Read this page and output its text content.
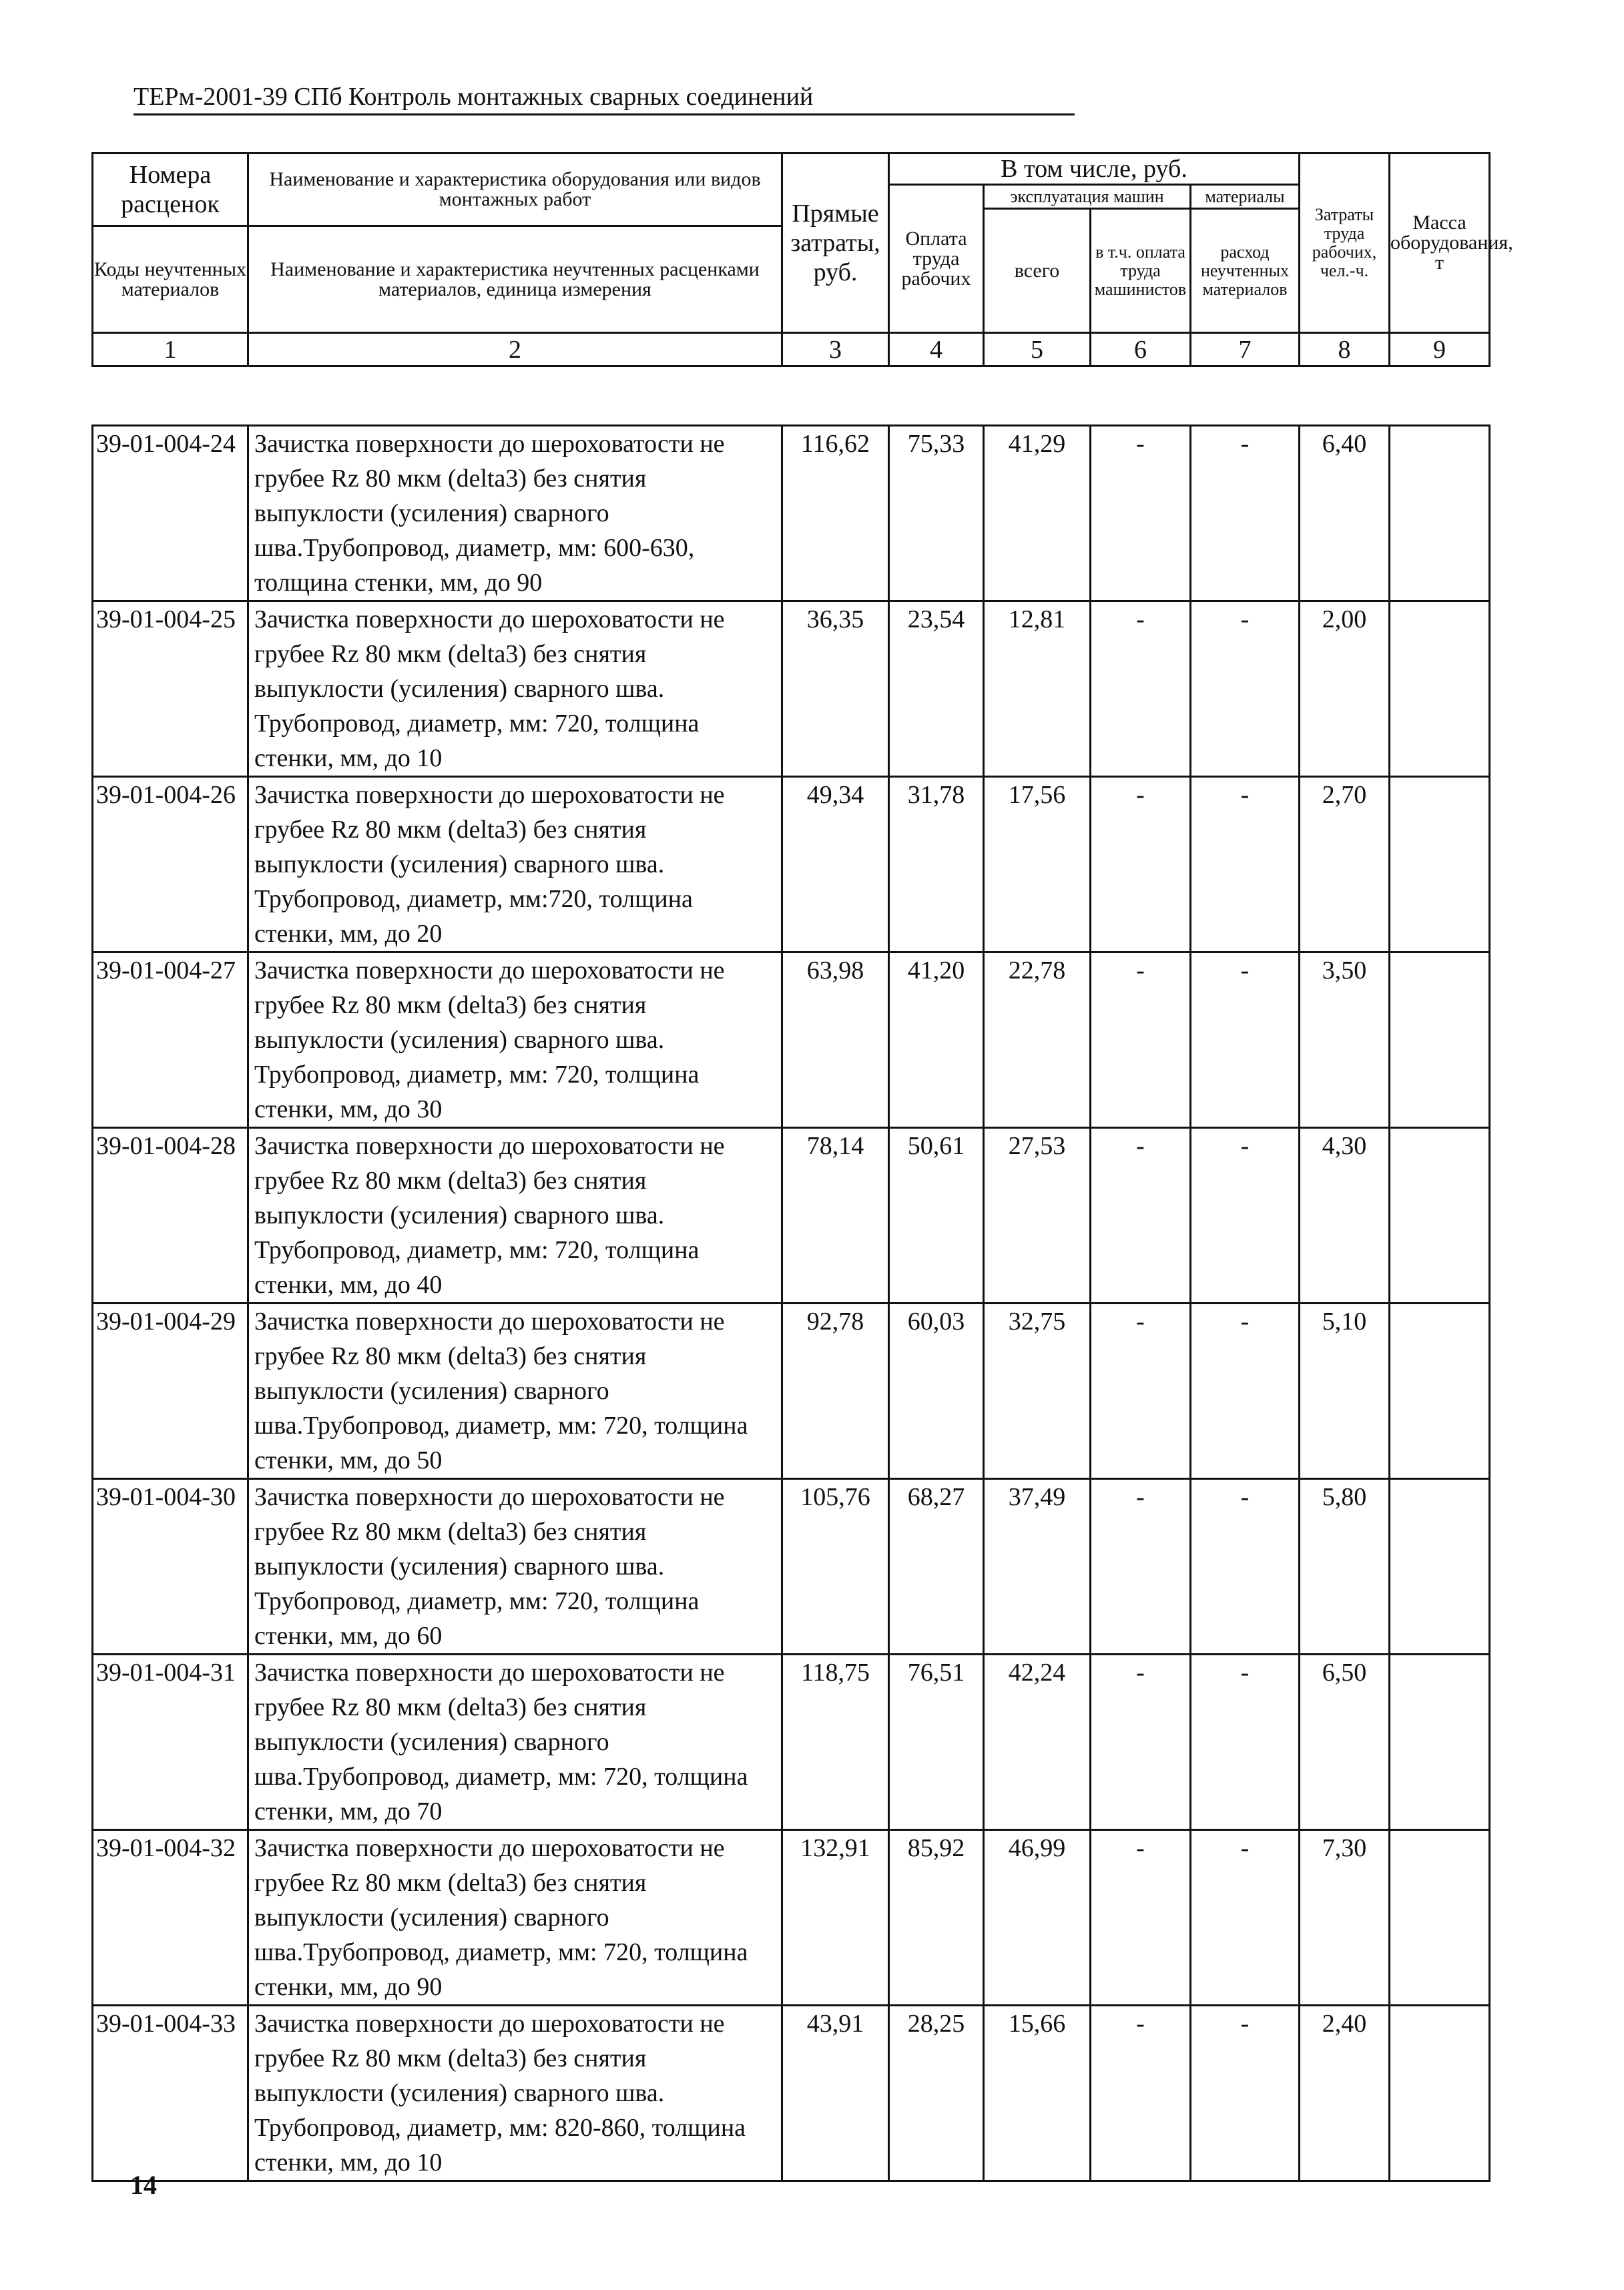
ТЕРм-2001-39 СПб Контроль монтажных сварных соединений
Номера расценок	Наименование и характеристика оборудования или видов монтажных работ	Прямые затраты, руб.	В том числе, руб.				Затраты труда рабочих, чел.-ч.	Масса оборудования, т
			Оплата труда рабочих	эксплуатация машин		материалы		
				всего	в т.ч. оплата труда машинистов	расход неучтенных материалов		
Коды неучтенных материалов	Наименование и характеристика неучтенных расценками материалов, единица измерения							

1	2	3	4	5	6	7	8	9
39-01-004-24	Зачистка поверхности до шероховатости не грубее Rz 80 мкм (delta3) без снятия выпуклости (усиления) сварного шва.Трубопровод, диаметр, мм: 600-630, толщина стенки, мм, до 90	116,62	75,33	41,29	-	-	6,40	
39-01-004-25	Зачистка поверхности до шероховатости не грубее Rz 80 мкм (delta3) без снятия выпуклости (усиления) сварного шва. Трубопровод, диаметр, мм: 720, толщина стенки, мм, до 10	36,35	23,54	12,81	-	-	2,00	
39-01-004-26	Зачистка поверхности до шероховатости не грубее Rz 80 мкм (delta3) без снятия выпуклости (усиления) сварного шва. Трубопровод, диаметр, мм:720, толщина стенки, мм, до 20	49,34	31,78	17,56	-	-	2,70	
39-01-004-27	Зачистка поверхности до шероховатости не грубее Rz 80 мкм (delta3) без снятия выпуклости (усиления) сварного шва. Трубопровод, диаметр, мм: 720, толщина стенки, мм, до 30	63,98	41,20	22,78	-	-	3,50	
39-01-004-28	Зачистка поверхности до шероховатости не грубее Rz 80 мкм (delta3) без снятия выпуклости (усиления) сварного шва. Трубопровод, диаметр, мм: 720, толщина стенки, мм, до 40	78,14	50,61	27,53	-	-	4,30	
39-01-004-29	Зачистка поверхности до шероховатости не грубее Rz 80 мкм (delta3) без снятия выпуклости (усиления) сварного шва.Трубопровод, диаметр, мм: 720, толщина стенки, мм, до 50	92,78	60,03	32,75	-	-	5,10	
39-01-004-30	Зачистка поверхности до шероховатости не грубее Rz 80 мкм (delta3) без снятия выпуклости (усиления) сварного шва. Трубопровод, диаметр, мм: 720, толщина стенки, мм, до 60	105,76	68,27	37,49	-	-	5,80	
39-01-004-31	Зачистка поверхности до шероховатости не грубее Rz 80 мкм (delta3) без снятия выпуклости (усиления) сварного шва.Трубопровод, диаметр, мм: 720, толщина стенки, мм, до 70	118,75	76,51	42,24	-	-	6,50	
39-01-004-32	Зачистка поверхности до шероховатости не грубее Rz 80 мкм (delta3) без снятия выпуклости (усиления) сварного шва.Трубопровод, диаметр, мм: 720, толщина стенки, мм, до 90	132,91	85,92	46,99	-	-	7,30	
39-01-004-33	Зачистка поверхности до шероховатости не грубее Rz 80 мкм (delta3) без снятия выпуклости (усиления) сварного шва. Трубопровод, диаметр, мм: 820-860, толщина стенки, мм, до 10	43,91	28,25	15,66	-	-	2,40	
14
